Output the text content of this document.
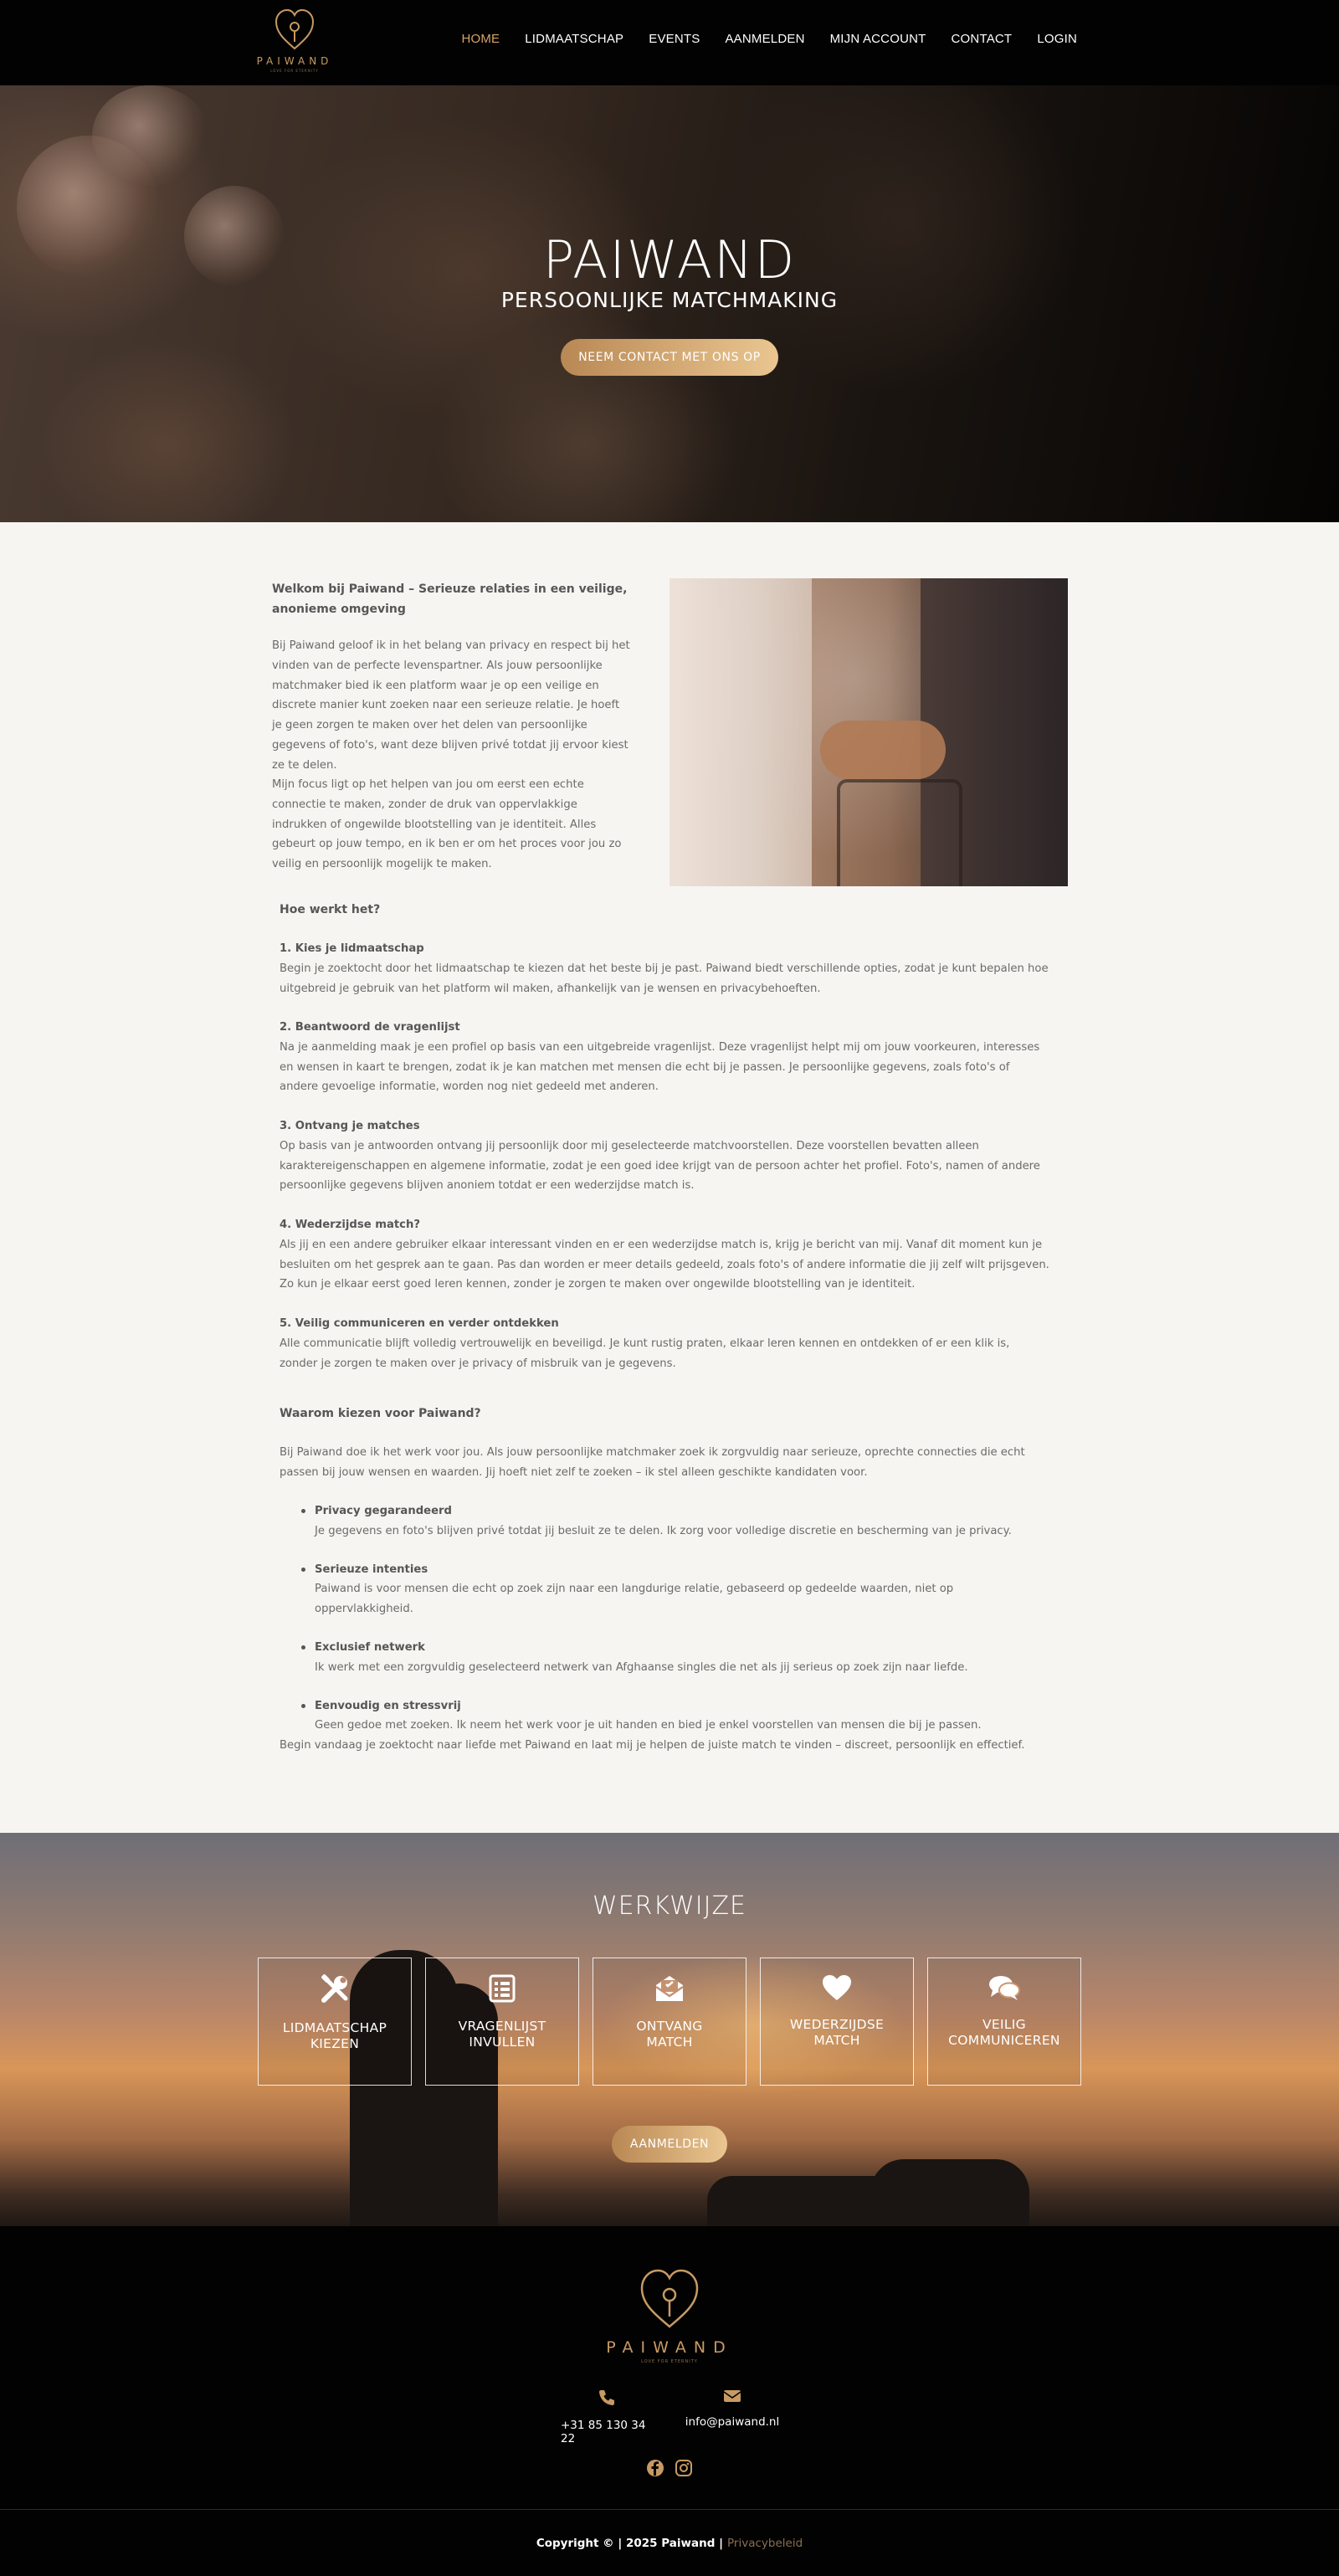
PAIWAND
LOVE FOR ETERNITY
HOME LIDMAATSCHAP EVENTS AANMELDEN MIJN ACCOUNT CONTACT LOGIN
PAIWAND
PERSOONLIJKE MATCHMAKING
NEEM CONTACT MET ONS OP
Welkom bij Paiwand – Serieuze relaties in een veilige, anonieme omgeving

Bij Paiwand geloof ik in het belang van privacy en respect bij het vinden van de perfecte levenspartner. Als jouw persoonlijke matchmaker bied ik een platform waar je op een veilige en discrete manier kunt zoeken naar een serieuze relatie. Je hoeft je geen zorgen te maken over het delen van persoonlijke gegevens of foto's, want deze blijven privé totdat jij ervoor kiest ze te delen.

Mijn focus ligt op het helpen van jou om eerst een echte connectie te maken, zonder de druk van oppervlakkige indrukken of ongewilde blootstelling van je identiteit. Alles gebeurt op jouw tempo, en ik ben er om het proces voor jou zo veilig en persoonlijk mogelijk te maken.

Hoe werkt het?
1. Kies je lidmaatschap
Begin je zoektocht door het lidmaatschap te kiezen dat het beste bij je past. Paiwand biedt verschillende opties, zodat je kunt bepalen hoe uitgebreid je gebruik van het platform wil maken, afhankelijk van je wensen en privacybehoeften.
2. Beantwoord de vragenlijst
Na je aanmelding maak je een profiel op basis van een uitgebreide vragenlijst. Deze vragenlijst helpt mij om jouw voorkeuren, interesses en wensen in kaart te brengen, zodat ik je kan matchen met mensen die echt bij je passen. Je persoonlijke gegevens, zoals foto's of andere gevoelige informatie, worden nog niet gedeeld met anderen.
3. Ontvang je matches
Op basis van je antwoorden ontvang jij persoonlijk door mij geselecteerde matchvoorstellen. Deze voorstellen bevatten alleen karaktereigenschappen en algemene informatie, zodat je een goed idee krijgt van de persoon achter het profiel. Foto's, namen of andere persoonlijke gegevens blijven anoniem totdat er een wederzijdse match is.
4. Wederzijdse match?
Als jij en een andere gebruiker elkaar interessant vinden en er een wederzijdse match is, krijg je bericht van mij. Vanaf dit moment kun je besluiten om het gesprek aan te gaan. Pas dan worden er meer details gedeeld, zoals foto's of andere informatie die jij zelf wilt prijsgeven. Zo kun je elkaar eerst goed leren kennen, zonder je zorgen te maken over ongewilde blootstelling van je identiteit.
5. Veilig communiceren en verder ontdekken
Alle communicatie blijft volledig vertrouwelijk en beveiligd. Je kunt rustig praten, elkaar leren kennen en ontdekken of er een klik is, zonder je zorgen te maken over je privacy of misbruik van je gegevens.
Waarom kiezen voor Paiwand?

Bij Paiwand doe ik het werk voor jou. Als jouw persoonlijke matchmaker zoek ik zorgvuldig naar serieuze, oprechte connecties die echt passen bij jouw wensen en waarden. Jij hoeft niet zelf te zoeken – ik stel alleen geschikte kandidaten voor.

Privacy gegarandeerd
Je gegevens en foto's blijven privé totdat jij besluit ze te delen. Ik zorg voor volledige discretie en bescherming van je privacy.
Serieuze intenties
Paiwand is voor mensen die echt op zoek zijn naar een langdurige relatie, gebaseerd op gedeelde waarden, niet op oppervlakkigheid.
Exclusief netwerk
Ik werk met een zorgvuldig geselecteerd netwerk van Afghaanse singles die net als jij serieus op zoek zijn naar liefde.
Eenvoudig en stressvrij
Geen gedoe met zoeken. Ik neem het werk voor je uit handen en bied je enkel voorstellen van mensen die bij je passen.

Begin vandaag je zoektocht naar liefde met Paiwand en laat mij je helpen de juiste match te vinden – discreet, persoonlijk en effectief.

WERKWIJZE
LIDMAATSCHAP
KIEZEN
VRAGENLIJST
INVULLEN
ONTVANG
MATCH
WEDERZIJDSE
MATCH
VEILIG
COMMUNICEREN
AANMELDEN
PAIWAND
LOVE FOR ETERNITY
+31 85 130 34 22
info@paiwand.nl
Copyright © | 2025 Paiwand | Privacybeleid
